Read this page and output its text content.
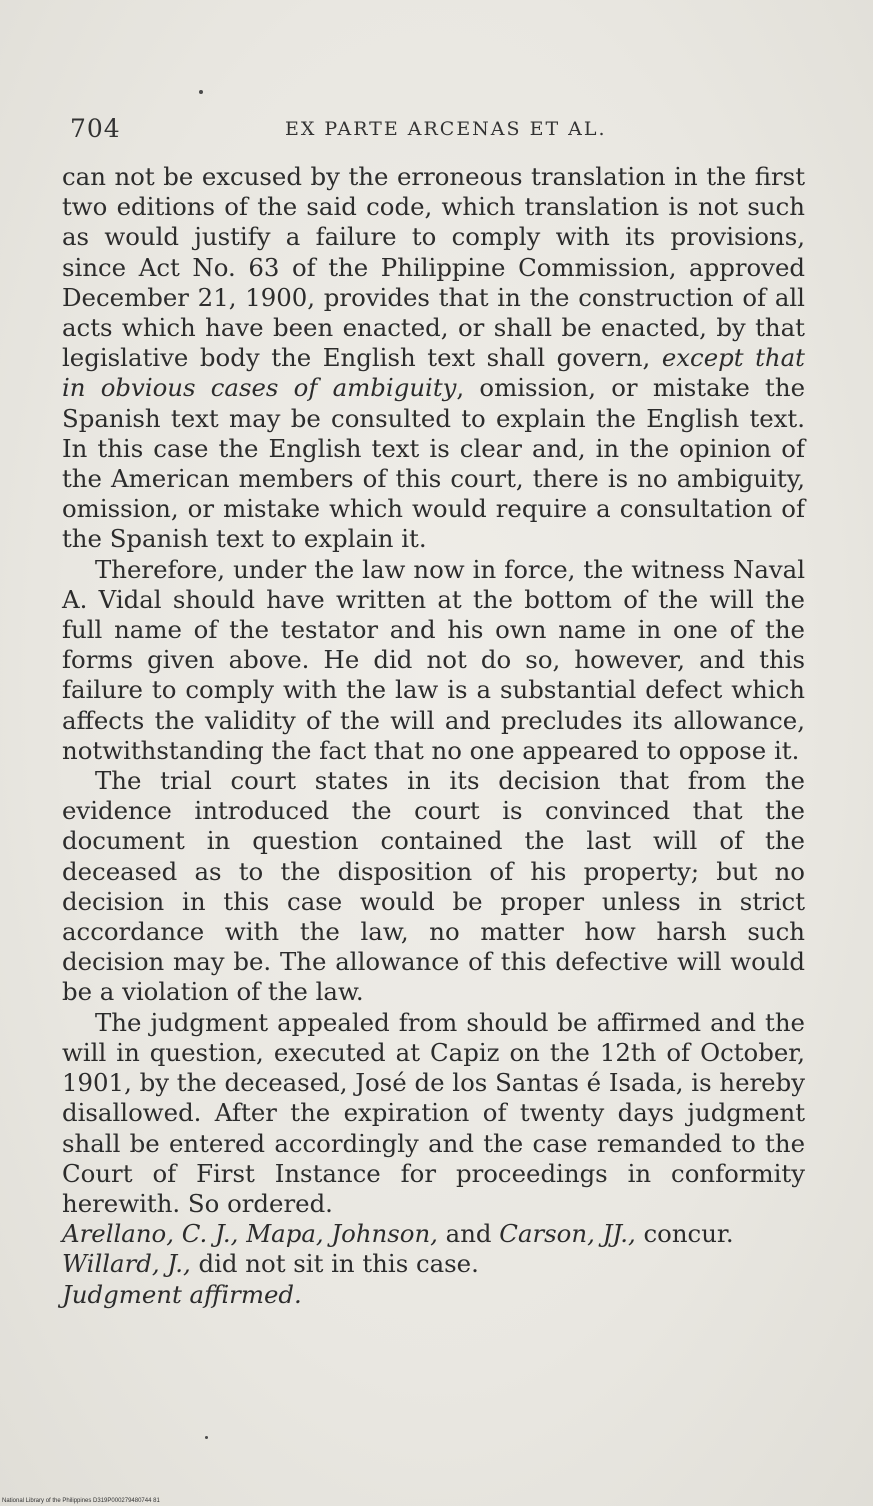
704	EX PARTE ARCENAS ET AL.

can not be excused by the erroneous translation in the first two editions of the said code, which translation is not such as would justify a failure to comply with its provisions, since Act No. 63 of the Philippine Commission, approved December 21, 1900, provides that in the construction of all acts which have been enacted, or shall be enacted, by that legislative body the English text shall govern, except that in obvious cases of ambiguity, omission, or mistake the Spanish text may be consulted to explain the English text. In this case the English text is clear and, in the opinion of the American members of this court, there is no ambiguity, omission, or mistake which would require a consultation of the Spanish text to explain it.

Therefore, under the law now in force, the witness Naval A. Vidal should have written at the bottom of the will the full name of the testator and his own name in one of the forms given above. He did not do so, however, and this failure to comply with the law is a substantial defect which affects the validity of the will and precludes its allowance, notwithstanding the fact that no one appeared to oppose it.

The trial court states in its decision that from the evidence introduced the court is convinced that the document in question contained the last will of the deceased as to the disposition of his property; but no decision in this case would be proper unless in strict accordance with the law, no matter how harsh such decision may be. The allowance of this defective will would be a violation of the law.

The judgment appealed from should be affirmed and the will in question, executed at Capiz on the 12th of October, 1901, by the deceased, José de los Santas é Isada, is hereby disallowed. After the expiration of twenty days judgment shall be entered accordingly and the case remanded to the Court of First Instance for proceedings in conformity herewith. So ordered.

Arellano, C. J., Mapa, Johnson, and Carson, JJ., concur.

Willard, J., did not sit in this case.

Judgment affirmed.

National Library of the Philippines D319P000279480744 81
